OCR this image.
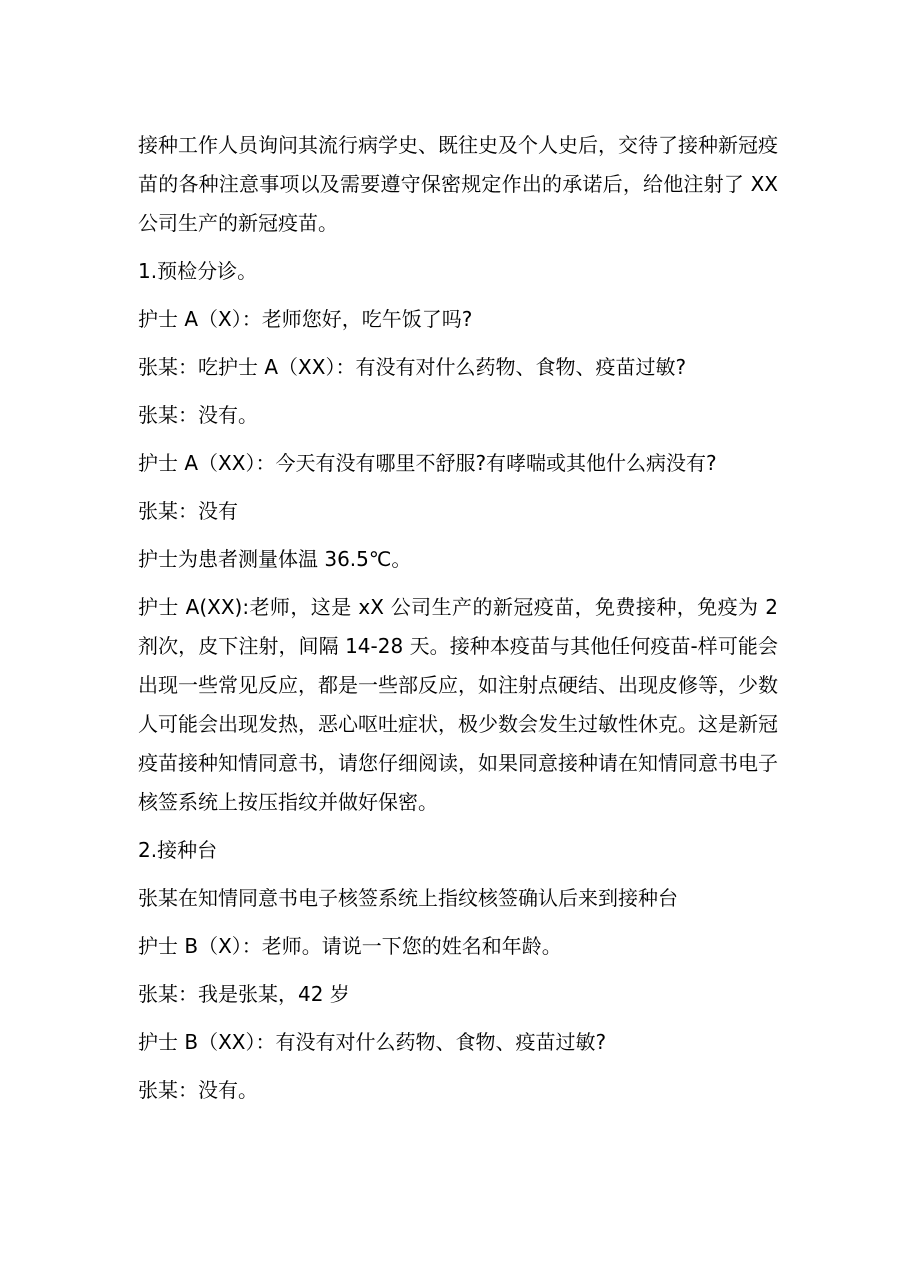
接种工作人员询问其流行病学史、既往史及个人史后，交待了接种新冠疫苗的各种注意事项以及需要遵守保密规定作出的承诺后，给他注射了 XX 公司生产的新冠疫苗。

1.预检分诊。

护士 A（X）：老师您好，吃午饭了吗?

张某：吃护士 A（XX）：有没有对什么药物、食物、疫苗过敏?

张某：没有。

护士 A（XX）：今天有没有哪里不舒服?有哮喘或其他什么病没有?

张某：没有

护士为患者测量体温 36.5℃。

护士 A(XX):老师，这是 xX 公司生产的新冠疫苗，免费接种，免疫为 2 剂次，皮下注射，间隔 14-28 天。接种本疫苗与其他任何疫苗-样可能会出现一些常见反应，都是一些部反应，如注射点硬结、出现皮修等，少数人可能会出现发热，恶心呕吐症状，极少数会发生过敏性休克。这是新冠疫苗接种知情同意书，请您仔细阅读，如果同意接种请在知情同意书电子核签系统上按压指纹并做好保密。

2.接种台

张某在知情同意书电子核签系统上指纹核签确认后来到接种台

护士 B（X）：老师。请说一下您的姓名和年龄。

张某：我是张某，42 岁

护士 B（XX）：有没有对什么药物、食物、疫苗过敏?

张某：没有。
